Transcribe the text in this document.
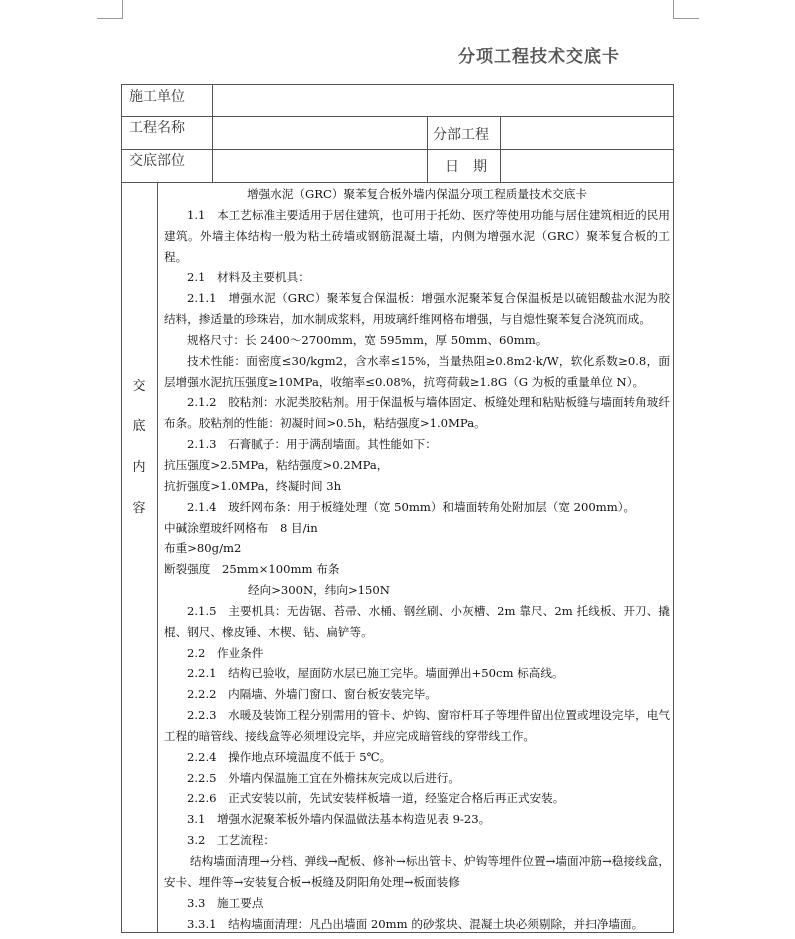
分项工程技术交底卡
施工单位
工程名称	分部工程
交底部位	日　期
交
底
内
容

增强水泥（GRC）聚苯复合板外墙内保温分项工程质量技术交底卡

1.1　本工艺标准主要适用于居住建筑，也可用于托幼、医疗等使用功能与居住建筑相近的民用建筑。外墙主体结构一般为粘土砖墙或钢筋混凝土墙，内侧为增强水泥（GRC）聚苯复合板的工程。

2.1　材料及主要机具：

2.1.1　增强水泥（GRC）聚苯复合保温板：增强水泥聚苯复合保温板是以硫铝酸盐水泥为胶结料，掺适量的珍珠岩，加水制成浆料，用玻璃纤维网格布增强，与自熄性聚苯复合浇筑而成。

规格尺寸：长 2400～2700mm，宽 595mm，厚 50mm、60mm。

技术性能：面密度≤30/kgm2，含水率≤15%，当量热阻≥0.8m2·k/W，软化系数≥0.8，面层增强水泥抗压强度≥10MPa，收缩率≤0.08%，抗弯荷载≥1.8G（G 为板的重量单位 N）。

2.1.2　胶粘剂：水泥类胶粘剂。用于保温板与墙体固定、板缝处理和粘贴板缝与墙面转角玻纤布条。胶粘剂的性能：初凝时间>0.5h，粘结强度>1.0MPa。

2.1.3　石膏腻子：用于满刮墙面。其性能如下：

抗压强度>2.5MPa，粘结强度>0.2MPa，

抗折强度>1.0MPa，终凝时间 3h

2.1.4　玻纤网布条：用于板缝处理（宽 50mm）和墙面转角处附加层（宽 200mm）。

中碱涂塑玻纤网格布　8 目/in

布重>80g/m2

断裂强度　25mm×100mm 布条

经向>300N，纬向>150N

2.1.5　主要机具：无齿锯、苔帚、水桶、钢丝刷、小灰槽、2m 靠尺、2m 托线板、开刀、撬棍、钢尺、橡皮锤、木楔、钻、扁铲等。

2.2　作业条件

2.2.1　结构已验收，屋面防水层已施工完毕。墙面弹出+50cm 标高线。

2.2.2　内隔墙、外墙门窗口、窗台板安装完毕。

2.2.3　水暖及装饰工程分别需用的管卡、炉钩、窗帘杆耳子等埋件留出位置或埋设完毕，电气工程的暗管线、接线盒等必须埋设完毕，并应完成暗管线的穿带线工作。

2.2.4　操作地点环境温度不低于 5℃。

2.2.5　外墙内保温施工宜在外檐抹灰完成以后进行。

2.2.6　正式安装以前，先试安装样板墙一道，经鉴定合格后再正式安装。

3.1　增强水泥聚苯板外墙内保温做法基本构造见表 9-23。

3.2　工艺流程：

结构墙面清理→分档、弹线→配板、修补→标出管卡、炉钩等埋件位置→墙面冲筋→稳接线盒，安卡、埋件等→安装复合板→板缝及阴阳角处理→板面装修

3.3　施工要点

3.3.1　结构墙面清理：凡凸出墙面 20mm 的砂浆块、混凝土块必须剔除，并扫净墙面。
